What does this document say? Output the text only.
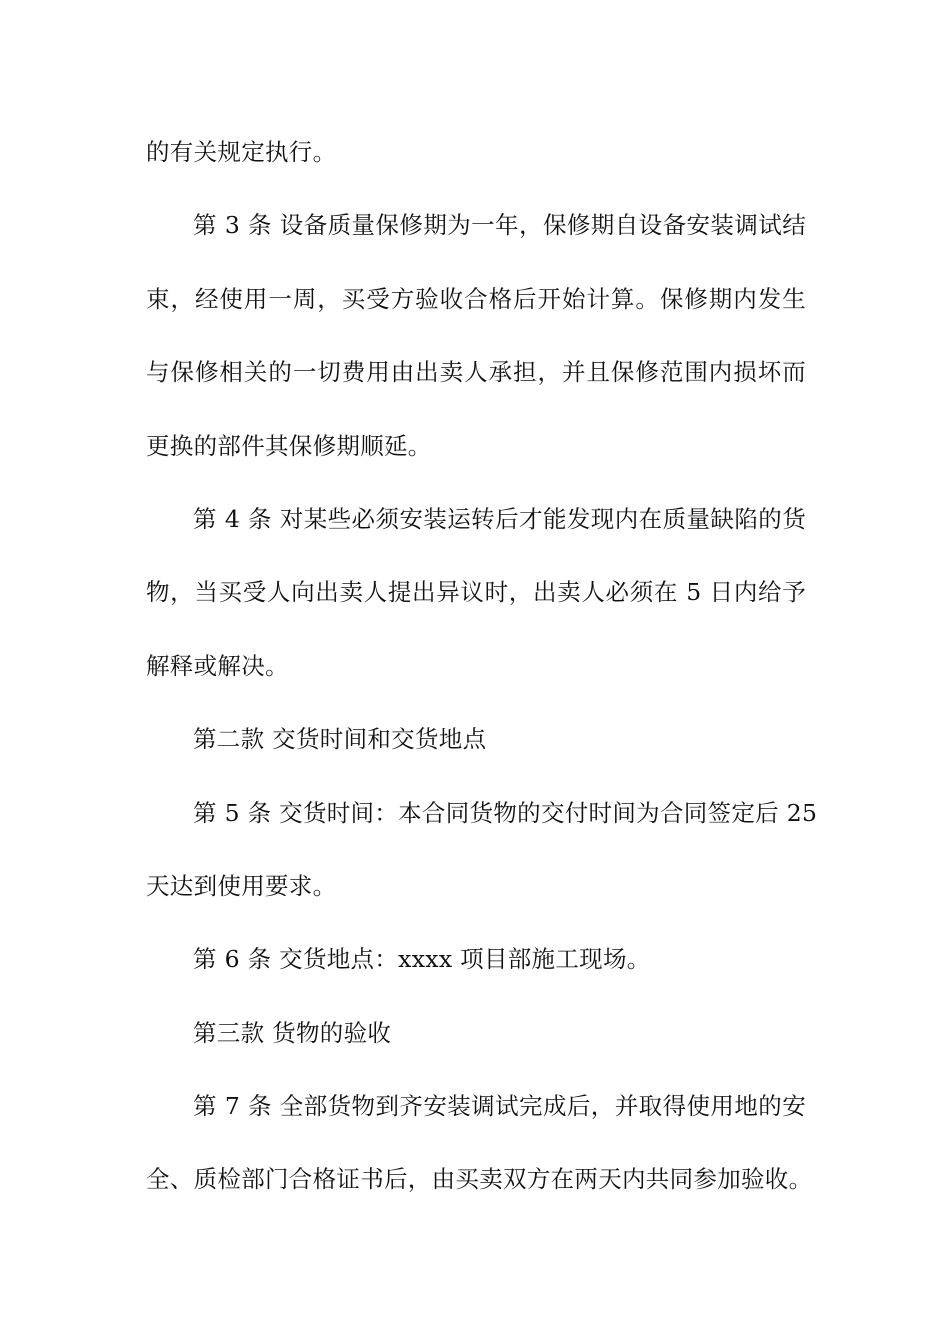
的有关规定执行。
第 3 条 设备质量保修期为一年，保修期自设备安装调试结
束，经使用一周，买受方验收合格后开始计算。保修期内发生
与保修相关的一切费用由出卖人承担，并且保修范围内损坏而
更换的部件其保修期顺延。
第 4 条 对某些必须安装运转后才能发现内在质量缺陷的货
物，当买受人向出卖人提出异议时，出卖人必须在 5 日内给予
解释或解决。
第二款 交货时间和交货地点
第 5 条 交货时间：本合同货物的交付时间为合同签定后 25
天达到使用要求。
第 6 条 交货地点：xxxx 项目部施工现场。
第三款 货物的验收
第 7 条 全部货物到齐安装调试完成后，并取得使用地的安
全、质检部门合格证书后，由买卖双方在两天内共同参加验收。
